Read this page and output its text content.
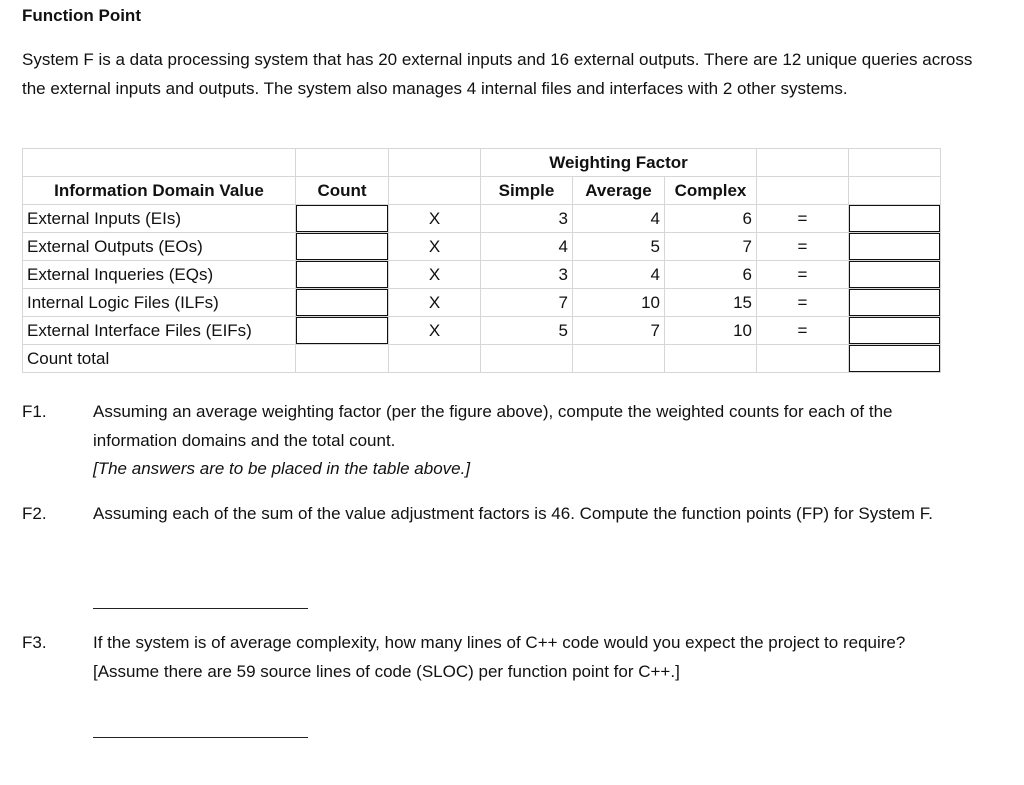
Function Point
System F is a data processing system that has 20 external inputs and 16 external outputs. There are 12 unique queries across the external inputs and outputs. The system also manages 4 internal files and interfaces with 2 other systems.
			Weighting Factor				
Information Domain Value	Count		Simple	Average	Complex		
External Inputs (EIs)		X	3	4	6	=	
External Outputs (EOs)		X	4	5	7	=	
External Inqueries (EQs)		X	3	4	6	=	
Internal Logic Files (ILFs)		X	7	10	15	=	
External Interface Files (EIFs)		X	5	7	10	=	
Count total							
F1.	Assuming an average weighting factor (per the figure above), compute the weighted counts for each of the information domains and the total count.
[The answers are to be placed in the table above.]
F2.	Assuming each of the sum of the value adjustment factors is 46. Compute the function points (FP) for System F.
F3.	If the system is of average complexity, how many lines of C++ code would you expect the project to require? [Assume there are 59 source lines of code (SLOC) per function point for C++.]
